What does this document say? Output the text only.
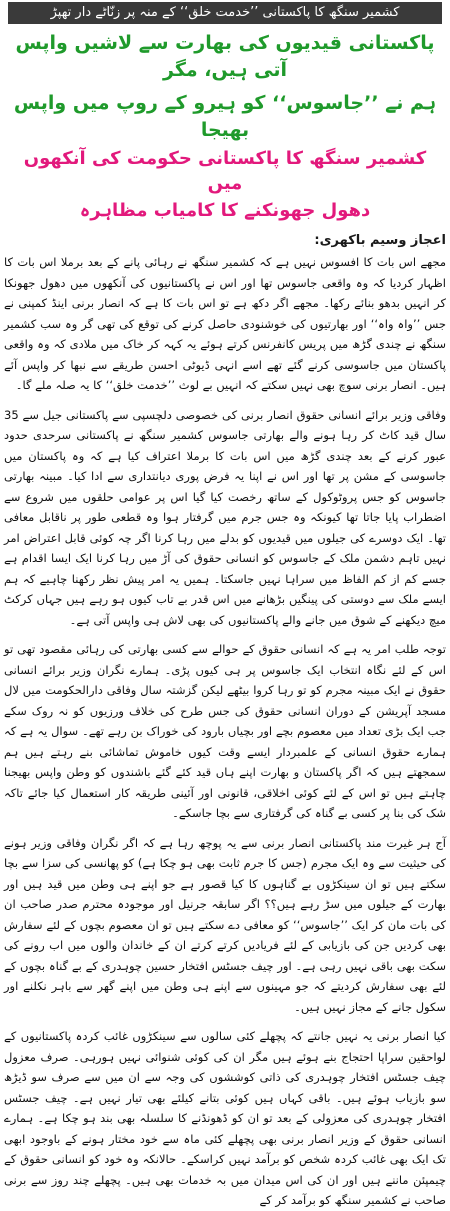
کشمیر سنگھ کا پاکستانی ’’خدمت خلق‘‘ کے منہ پر زنّاٹے دار تھپڑ
پاکستانی قیدیوں کی بھارت سے لاشیں واپس آتی ہیں، مگر
ہم نے ’’جاسوس‘‘ کو ہیرو کے روپ میں واپس بھیجا
کشمیر سنگھ کا پاکستانی حکومت کی آنکھوں میں
دھول جھونکنے کا کامیاب مظاہرہ
اعجاز وسیم باکھری:

مجھے اس بات کا افسوس نہیں ہے کہ کشمیر سنگھ نے رہائی پانے کے بعد برملا اس بات کا اظہار کردیا کہ وہ واقعی جاسوس تھا اور اس نے پاکستانیوں کی آنکھوں میں دھول جھونکا کر انہیں بدھو بنائے رکھا۔ مجھے اگر دکھ ہے تو اس بات کا ہے کہ انصار برنی اینڈ کمپنی نے جس ’’واہ واہ‘‘ اور بھارتیوں کی خوشنودی حاصل کرنے کی توقع کی تھی گر وہ سب کشمیر سنگھ نے چندی گڑھ میں پریس کانفرنس کرتے ہوئے یہ کہہ کر خاک میں ملادی کہ وہ واقعی پاکستان میں جاسوسی کرنے گئے تھے اسے انہی ڈیوٹی احسن طریقے سے نبھا کر واپس آئے ہیں۔ انصار برنی سوچ بھی نہیں سکتے کہ انہیں بے لوث ’’خدمت خلق‘‘ کا یہ صلہ ملے گا۔

وفاقی وزیر برائے انسانی حقوق انصار برنی کی خصوصی دلچسپی سے پاکستانی جیل سے 35 سال قید کاٹ کر رہا ہونے والے بھارتی جاسوس کشمیر سنگھ نے پاکستانی سرحدی حدود عبور کرنے کے بعد چندی گڑھ میں اس بات کا برملا اعتراف کیا ہے کہ وہ پاکستان میں جاسوسی کے مشن پر تھا اور اس نے اپنا یہ فرض پوری دیانتداری سے ادا کیا۔ مبینہ بھارتی جاسوس کو جس پروٹوکول کے ساتھ رخصت کیا گیا اس پر عوامی حلقوں میں شروع سے اضطراب پایا جاتا تھا کیونکہ وہ جس جرم میں گرفتار ہوا وہ قطعی طور پر ناقابل معافی تھا۔ ایک دوسرے کی جیلوں میں قیدیوں کو بدلے میں رہا کرنا اگر چہ کوئی قابل اعتراض امر نہیں تاہم دشمن ملک کے جاسوس کو انسانی حقوق کی آڑ میں رہا کرنا ایک ایسا اقدام ہے جسے کم از کم الفاظ میں سراہا نہیں جاسکتا۔ ہمیں یہ امر پیش نظر رکھنا چاہیے کہ ہم ایسے ملک سے دوستی کی پینگیں بڑھانے میں اس قدر بے تاب کیوں ہو رہے ہیں جہاں کرکٹ میچ دیکھنے کے شوق میں جانے والے پاکستانیوں کی بھی لاش ہی واپس آتی ہے۔

توجہ طلب امر یہ ہے کہ انسانی حقوق کے حوالے سے کسی بھارتی کی رہائی مقصود تھی تو اس کے لئے نگاہ انتخاب ایک جاسوس پر ہی کیوں پڑی۔ ہمارے نگران وزیر برائے انسانی حقوق نے ایک مبینہ مجرم کو تو رہا کروا بیٹھے لیکن گزشتہ سال وفاقی دارالحکومت میں لال مسجد آپریشن کے دوران انسانی حقوق کی جس طرح کی خلاف ورزیوں کو نہ روک سکے جب ایک بڑی تعداد میں معصوم بچے اور بچیاں بارود کی خوراک بن رہے تھے۔ سوال یہ ہے کہ ہمارے حقوق انسانی کے علمبردار ایسے وقت کیوں خاموش تماشائی بنے رہتے ہیں ہم سمجھتے ہیں کہ اگر پاکستان و بھارت اپنے ہاں قید کئے گئے باشندوں کو وطن واپس بھیجنا چاہتے ہیں تو اس کے لئے کوئی اخلاقی، قانونی اور آئینی طریقہ کار استعمال کیا جائے تاکہ شک کی بنا پر کسی بے گناہ کی گرفتاری سے بچا جاسکے۔

آج ہر غیرت مند پاکستانی انصار برنی سے یہ پوچھ رہا ہے کہ اگر نگران وفاقی وزیر ہونے کی حیثیت سے وہ ایک مجرم (جس کا جرم ثابت بھی ہو چکا ہے) کو پھانسی کی سزا سے بچا سکتے ہیں تو ان سینکڑوں بے گناہوں کا کیا قصور ہے جو اپنے ہی وطن میں قید ہیں اور بھارت کے جیلوں میں سڑ رہے ہیں؟؟ اگر سابقہ جرنیل اور موجودہ محترم صدر صاحب ان کی بات مان کر ایک ’’جاسوس‘‘ کو معافی دے سکتے ہیں تو ان معصوم بچوں کے لئے سفارش بھی کردیں جن کی بازیابی کے لئے فریادیں کرتے کرتے ان کے خاندان والوں میں اب رونے کی سکت بھی باقی نہیں رہی ہے۔ اور چیف جسٹس افتخار حسین چوہدری کے بے گناہ بچوں کے لئے بھی سفارش کردیتے کہ جو مہینوں سے اپنے ہی وطن میں اپنے گھر سے باہر نکلنے اور سکول جانے کے مجاز نہیں ہیں۔

کیا انصار برنی یہ نہیں جانتے کہ پچھلے کئی سالوں سے سینکڑوں غائب کردہ پاکستانیوں کے لواحقین سراپا احتجاج بنے ہوئے ہیں مگر ان کی کوئی شنوائی نہیں ہورہی۔ صرف معزول چیف جسٹس افتخار چوہدری کی ذاتی کوششوں کی وجہ سے ان میں سے صرف سو ڈیڑھ سو بازیاب ہوئے ہیں۔ باقی کہاں ہیں کوئی بتانے کیلئے بھی تیار نہیں ہے۔ چیف جسٹس افتخار چوہدری کی معزولی کے بعد تو ان کو ڈھونڈنے کا سلسلہ بھی بند ہو چکا ہے۔ ہمارے انسانی حقوق کے وزیر انصار برنی بھی پچھلے کئی ماہ سے خود مختار ہونے کے باوجود ابھی تک ایک بھی غائب کردہ شخص کو برآمد نہیں کراسکے۔ حالانکہ وہ خود کو انسانی حقوق کے چیمپئن ماننے ہیں اور ان کی اس میدان میں بہ خدمات بھی ہیں۔ پچھلے چند روز سے برنی صاحب نے کشمیر سنگھ کو برآمد کر کے
